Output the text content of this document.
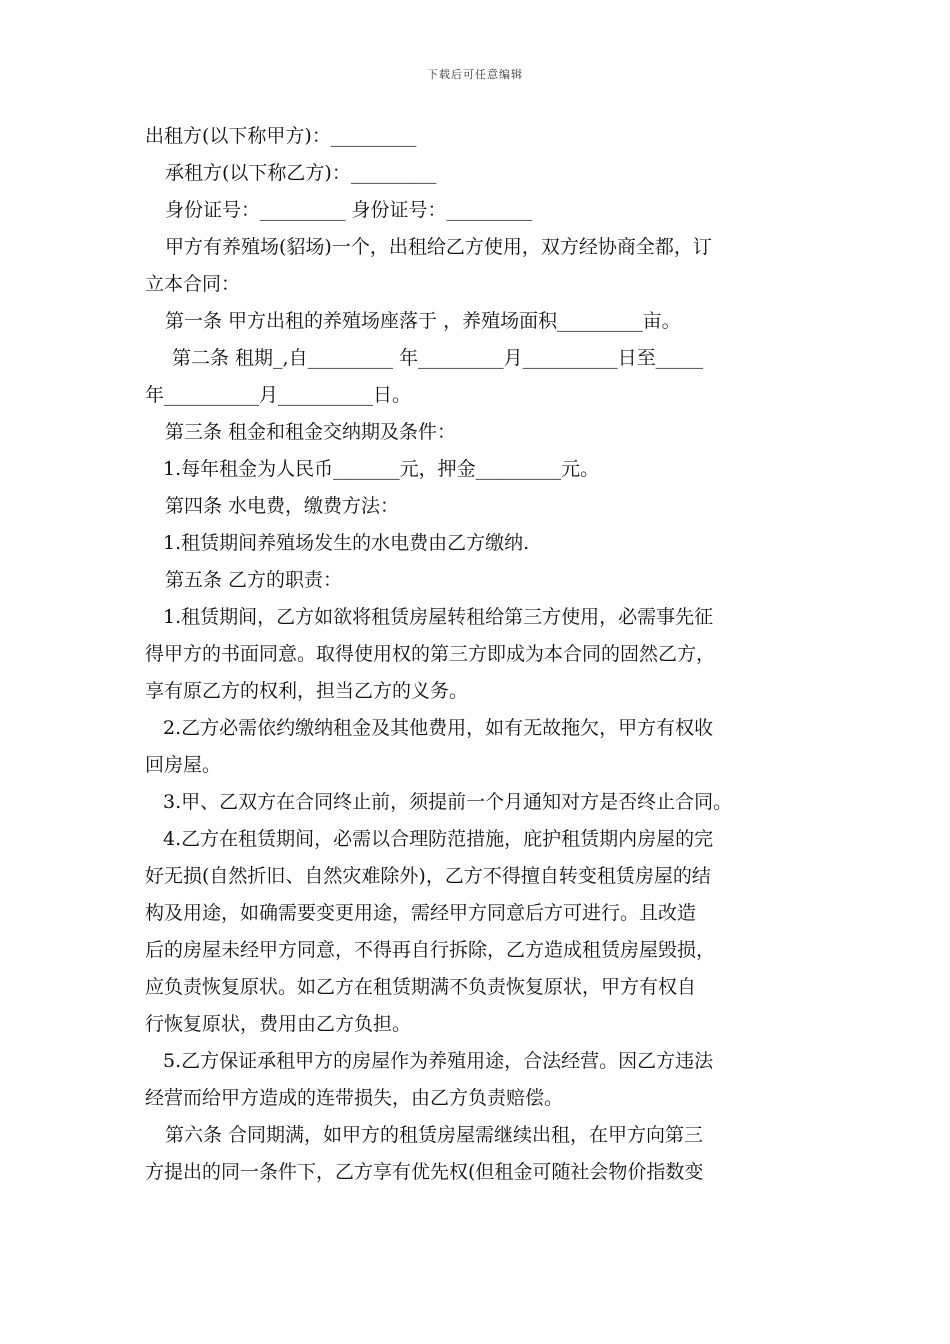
下载后可任意编辑
出租方(以下称甲方)：_________
承租方(以下称乙方)：_________
身份证号：_________ 身份证号：_________
甲方有养殖场(貂场)一个，出租给乙方使用，双方经协商全都，订
立本合同：
第一条 甲方出租的养殖场座落于 ，养殖场面积_________亩。
第二条 租期_,自_________ 年_________月__________日至_____
年__________月__________日。
第三条 租金和租金交纳期及条件：
1.每年租金为人民币_______元，押金_________元。
第四条 水电费，缴费方法：
1.租赁期间养殖场发生的水电费由乙方缴纳.
第五条 乙方的职责：
1.租赁期间，乙方如欲将租赁房屋转租给第三方使用，必需事先征
得甲方的书面同意。取得使用权的第三方即成为本合同的固然乙方，
享有原乙方的权利，担当乙方的义务。
2.乙方必需依约缴纳租金及其他费用，如有无故拖欠，甲方有权收
回房屋。
3.甲、乙双方在合同终止前，须提前一个月通知对方是否终止合同。
4.乙方在租赁期间，必需以合理防范措施，庇护租赁期内房屋的完
好无损(自然折旧、自然灾难除外)，乙方不得擅自转变租赁房屋的结
构及用途，如确需要变更用途，需经甲方同意后方可进行。且改造
后的房屋未经甲方同意，不得再自行拆除，乙方造成租赁房屋毁损，
应负责恢复原状。如乙方在租赁期满不负责恢复原状，甲方有权自
行恢复原状，费用由乙方负担。
5.乙方保证承租甲方的房屋作为养殖用途，合法经营。因乙方违法
经营而给甲方造成的连带损失，由乙方负责赔偿。
第六条 合同期满，如甲方的租赁房屋需继续出租，在甲方向第三
方提出的同一条件下，乙方享有优先权(但租金可随社会物价指数变
